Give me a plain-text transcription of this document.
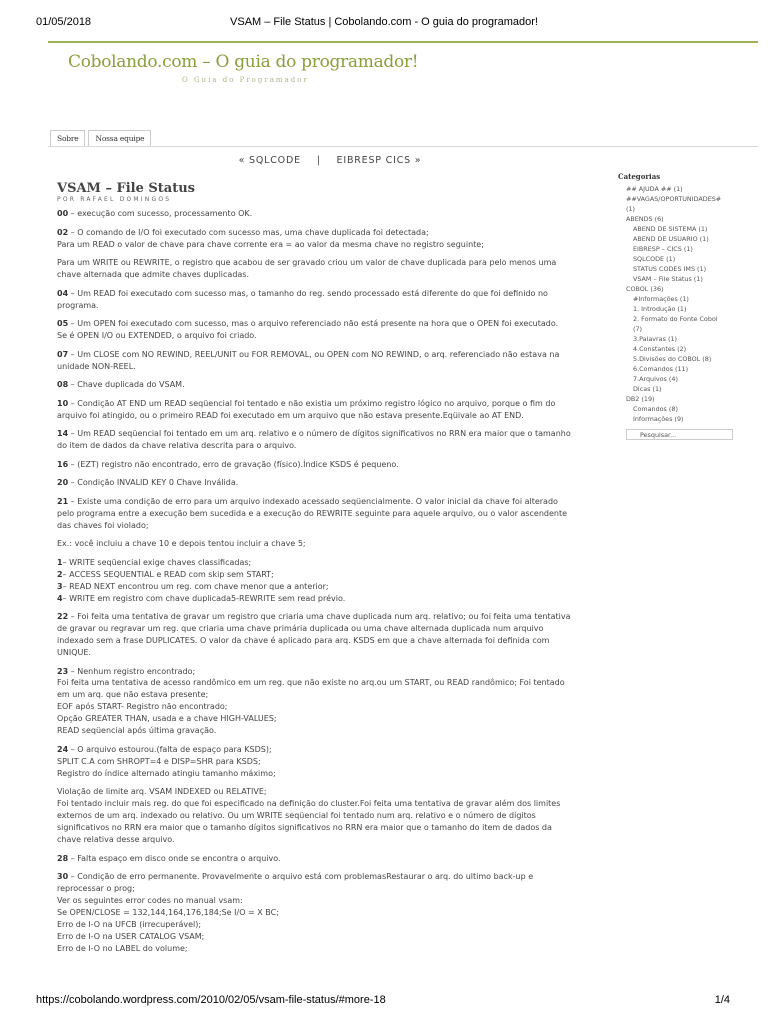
01/05/2018	VSAM – File Status | Cobolando.com - O guia do programador!
Cobolando.com – O guia do programador!
O Guia do Programador
Sobre	Nossa equipe
« SQLCODE | EIBRESP CICS »
VSAM – File Status
POR RAFAEL DOMINGOS

00 – execução com sucesso, processamento OK.

02 – O comando de I/O foi executado com sucesso mas, uma chave duplicada foi detectada;
Para um READ o valor de chave para chave corrente era = ao valor da mesma chave no registro seguinte;

Para um WRITE ou REWRITE, o registro que acabou de ser gravado criou um valor de chave duplicada para pelo menos uma
chave alternada que admite chaves duplicadas.

04 – Um READ foi executado com sucesso mas, o tamanho do reg. sendo processado está diferente do que foi definido no
programa.

05 – Um OPEN foi executado com sucesso, mas o arquivo referenciado não está presente na hora que o OPEN foi executado.
Se é OPEN I/O ou EXTENDED, o arquivo foi criado.

07 – Um CLOSE com NO REWIND, REEL/UNIT ou FOR REMOVAL, ou OPEN com NO REWIND, o arq. referenciado não estava na
unidade NON-REEL.

08 – Chave duplicada do VSAM.

10 – Condição AT END um READ seqüencial foi tentado e não existia um próximo registro lógico no arquivo, porque o fim do
arquivo foi atingido, ou o primeiro READ foi executado em um arquivo que não estava presente.Eqüivale ao AT END.

14 – Um READ seqüencial foi tentado em um arq. relativo e o número de dígitos significativos no RRN era maior que o tamanho
do item de dados da chave relativa descrita para o arquivo.

16 – (EZT) registro não encontrado, erro de gravação (físico).Índice KSDS é pequeno.

20 – Condição INVALID KEY 0 Chave Inválida.

21 – Existe uma condição de erro para um arquivo indexado acessado seqüencialmente. O valor inicial da chave foi alterado
pelo programa entre a execução bem sucedida e a execução do REWRITE seguinte para aquele arquivo, ou o valor ascendente
das chaves foi violado;

Ex.: você incluiu a chave 10 e depois tentou incluir a chave 5;

1– WRITE seqüencial exige chaves classificadas;
2– ACCESS SEQUENTIAL e READ com skip sem START;
3– READ NEXT encontrou um reg. com chave menor que a anterior;
4– WRITE em registro com chave duplicada5-REWRITE sem read prévio.

22 – Foi feita uma tentativa de gravar um registro que criaria uma chave duplicada num arq. relativo; ou foi feita uma tentativa
de gravar ou regravar um reg. que criaria uma chave primária duplicada ou uma chave alternada duplicada num arquivo
indexado sem a frase DUPLICATES. O valor da chave é aplicado para arq. KSDS em que a chave alternada foi definida com
UNIQUE.

23 – Nenhum registro encontrado;
Foi feita uma tentativa de acesso randômico em um reg. que não existe no arq.ou um START, ou READ randômico; Foi tentado
em um arq. que não estava presente;
EOF após START- Registro não encontrado;
Opção GREATER THAN, usada e a chave HIGH-VALUES;
READ seqüencial após última gravação.

24 – O arquivo estourou.(falta de espaço para KSDS);
SPLIT C.A com SHROPT=4 e DISP=SHR para KSDS;
Registro do índice alternado atingiu tamanho máximo;

Violação de limite arq. VSAM INDEXED ou RELATIVE;
Foi tentado incluir mais reg. do que foi especificado na definição do cluster.Foi feita uma tentativa de gravar além dos limites
externos de um arq. indexado ou relativo. Ou um WRITE seqüencial foi tentado num arq. relativo e o número de dígitos
significativos no RRN era maior que o tamanho dígitos significativos no RRN era maior que o tamanho do item de dados da
chave relativa desse arquivo.

28 – Falta espaço em disco onde se encontra o arquivo.

30 – Condição de erro permanente. Provavelmente o arquivo está com problemasRestaurar o arq. do ultimo back-up e
reprocessar o prog;
Ver os seguintes error codes no manual vsam:
Se OPEN/CLOSE = 132,144,164,176,184;Se I/O = X BC;
Erro de I-O na UFCB (irrecuperável);
Erro de I-O na USER CATALOG VSAM;
Erro de I-O no LABEL do volume;

Categorias
## AJUDA ## (1)
##VAGAS/OPORTUNIDADES#
(1)
ABENDS (6)
ABEND DE SISTEMA (1)
ABEND DE USUARIO (1)
EIBRESP – CICS (1)
SQLCODE (1)
STATUS CODES IMS (1)
VSAM – File Status (1)
COBOL (36)
#Informações (1)
1. Introdução (1)
2. Formato do Fonte Cobol
(7)
3.Palavras (1)
4.Constantes (2)
5.Divisões do COBOL (8)
6.Comandos (11)
7.Arquivos (4)
Dicas (1)
DB2 (19)
Comandos (8)
Informações (9)
Pesquisar...
https://cobolando.wordpress.com/2010/02/05/vsam-file-status/#more-18	1/4
